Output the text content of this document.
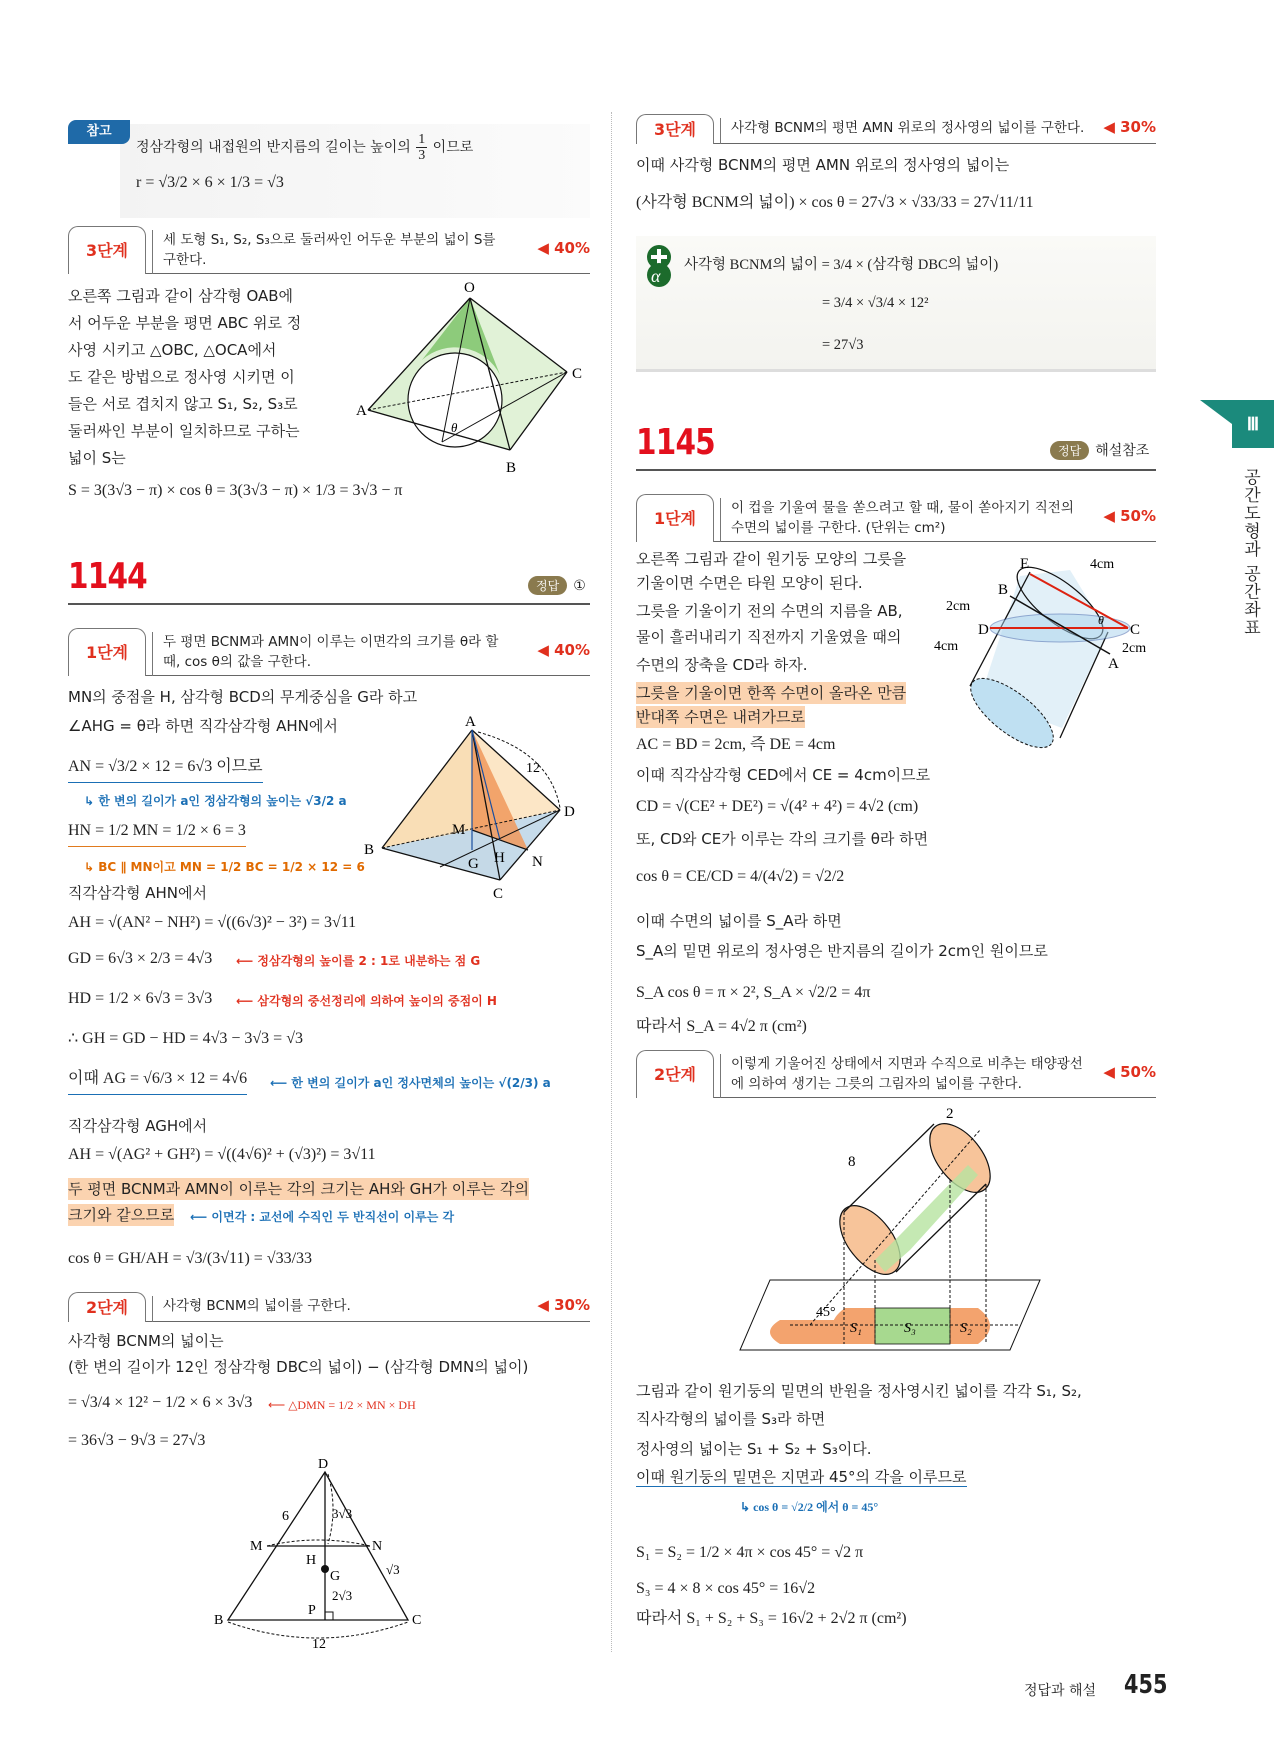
참고
정삼각형의 내접원의 반지름의 길이는 높이의 $\frac{1}{3}$ 이므로
r = √3/2 × 6 × 1/3 = √3
3단계
세 도형 S₁, S₂, S₃으로 둘러싸인 어두운 부분의 넓이 S를
구한다.
◀ 40%
오른쪽 그림과 같이 삼각형 OAB에
서 어두운 부분을 평면 ABC 위로 정
사영 시키고 △OBC, △OCA에서
도 같은 방법으로 정사영 시키면 이
들은 서로 겹치지 않고 S₁, S₂, S₃로
둘러싸인 부분이 일치하므로 구하는
넓이 S는
S = 3(3√3 − π) × cos θ = 3(3√3 − π) × 1/3 = 3√3 − π
O
A
B
C
θ
1144	정답 ①
1단계
두 평면 BCNM과 AMN이 이루는 이면각의 크기를 θ라 할
때, cos θ의 값을 구한다.
◀ 40%
MN의 중점을 H, 삼각형 BCD의 무게중심을 G라 하고
∠AHG = θ라 하면 직각삼각형 AHN에서
AN = √3/2 × 12 = 6√3 이므로
↳ 한 변의 길이가 a인 정삼각형의 높이는 √3/2 a
HN = 1/2 MN = 1/2 × 6 = 3
↳ BC ∥ MN이고 MN = 1/2 BC = 1/2 × 12 = 6
직각삼각형 AHN에서
AH = √(AN² − NH²) = √((6√3)² − 3²) = 3√11
GD = 6√3 × 2/3 = 4√3 ⟵ 정삼각형의 높이를 2 : 1로 내분하는 점 G
HD = 1/2 × 6√3 = 3√3 ⟵ 삼각형의 중선정리에 의하여 높이의 중점이 H
∴ GH = GD − HD = 4√3 − 3√3 = √3
이때 AG = √6/3 × 12 = 4√6 ⟵ 한 변의 길이가 a인 정사면체의 높이는 √(2/3) a
직각삼각형 AGH에서
AH = √(AG² + GH²) = √((4√6)² + (√3)²) = 3√11
두 평면 BCNM과 AMN이 이루는 각의 크기는 AH와 GH가 이루는 각의
크기와 같으므로 ⟵ 이면각 : 교선에 수직인 두 반직선이 이루는 각
cos θ = GH/AH = √3/(3√11) = √33/33
A
B
C
D
M
N
G H
12
2단계	사각형 BCNM의 넓이를 구한다.	◀ 30%
사각형 BCNM의 넓이는
(한 변의 길이가 12인 정삼각형 DBC의 넓이) − (삼각형 DMN의 넓이)
= √3/4 × 12² − 1/2 × 6 × 3√3 ⟵ △DMN = 1/2 × MN × DH
= 36√3 − 9√3 = 27√3
D
M	N
H
G
P
B	C
6	3√3
√3
2√3
12
3단계	사각형 BCNM의 평면 AMN 위로의 정사영의 넓이를 구한다. ◀ 30%
이때 사각형 BCNM의 평면 AMN 위로의 정사영의 넓이는
(사각형 BCNM의 넓이) × cos θ = 27√3 × √33/33 = 27√11/11
α
사각형 BCNM의 넓이 = 3/4 × (삼각형 DBC의 넓이)
= 3/4 × √3/4 × 12²
= 27√3
1145	정답 해설참조
1단계
이 컵을 기울여 물을 쏟으려고 할 때, 물이 쏟아지기 직전의
수면의 넓이를 구한다. (단위는 cm²)
◀ 50%
오른쪽 그림과 같이 원기둥 모양의 그릇을
기울이면 수면은 타원 모양이 된다.
그릇을 기울이기 전의 수면의 지름을 AB,
물이 흘러내리기 직전까지 기울였을 때의
수면의 장축을 CD라 하자.
그릇을 기울이면 한쪽 수면이 올라온 만큼
반대쪽 수면은 내려가므로
AC = BD = 2cm, 즉 DE = 4cm
이때 직각삼각형 CED에서 CE = 4cm이므로
CD = √(CE² + DE²) = √(4² + 4²) = 4√2 (cm)
또, CD와 CE가 이루는 각의 크기를 θ라 하면
cos θ = CE/CD = 4/(4√2) = √2/2
이때 수면의 넓이를 S_A라 하면
S_A의 밑면 위로의 정사영은 반지름의 길이가 2cm인 원이므로
S_A cos θ = π × 2², S_A × √2/2 = 4π
따라서 S_A = 4√2 π (cm²)
E
B
D	C
A
4cm
2cm
4cm	2cm
θ
2단계
이렇게 기울어진 상태에서 지면과 수직으로 비추는 태양광선
에 의하여 생기는 그릇의 그림자의 넓이를 구한다.
◀ 50%
2
8
45°
S₁	S₃	S₂
그림과 같이 원기둥의 밑면의 반원을 정사영시킨 넓이를 각각 S₁, S₂,
직사각형의 넓이를 S₃라 하면
정사영의 넓이는 S₁ + S₂ + S₃이다.
이때 원기둥의 밑면은 지면과 45°의 각을 이루므로
↳ cos θ = √2/2 에서 θ = 45°
S₁ = S₂ = 1/2 × 4π × cos 45° = √2 π
S₃ = 4 × 8 × cos 45° = 16√2
따라서 S₁ + S₂ + S₃ = 16√2 + 2√2 π (cm²)
Ⅲ
공간도형과 공간좌표
정답과 해설 455
